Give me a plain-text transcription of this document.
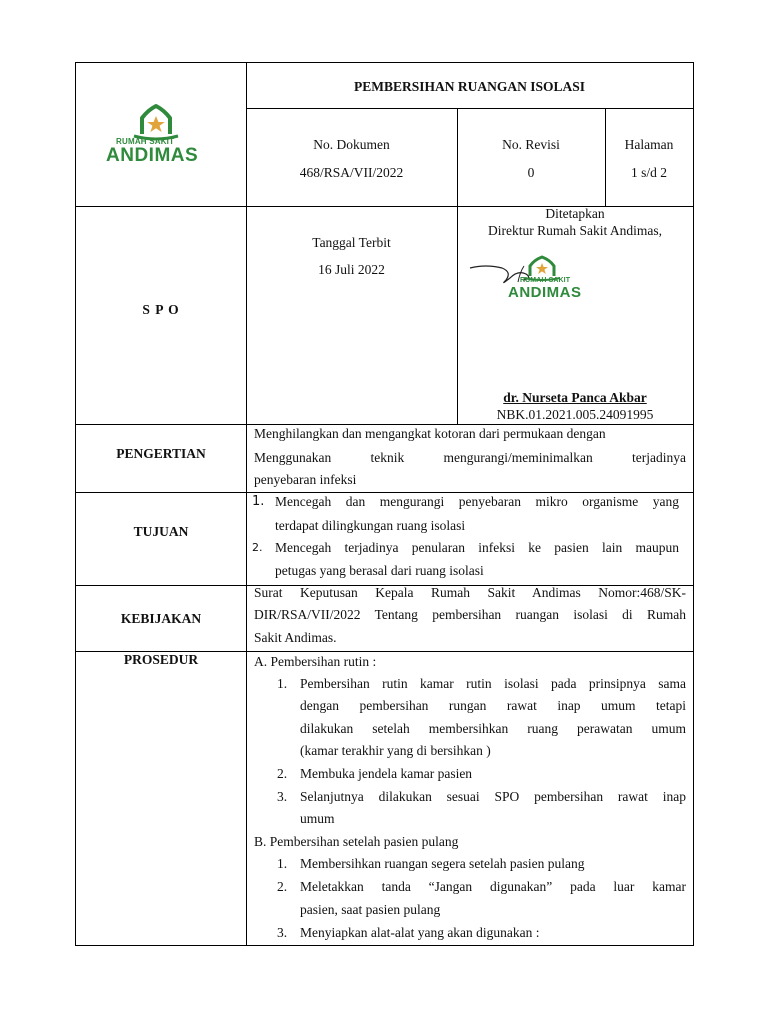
RUMAH SAKIT
ANDIMAS
PEMBERSIHAN RUANGAN ISOLASI
No. Dokumen
468/RSA/VII/2022
No. Revisi
0
Halaman
1 s/d 2
S P O
Tanggal Terbit
16 Juli 2022
Ditetapkan
Direktur Rumah Sakit Andimas,
RUMAH SAKIT
ANDIMAS
dr. Nurseta Panca Akbar
NBK.01.2021.005.24091995
PENGERTIAN
Menghilangkan dan mengangkat kotoran dari permukaan dengan
Menggunakan teknik mengurangi/meminimalkan terjadinya
penyebaran infeksi
TUJUAN
1. Mencegah dan mengurangi penyebaran mikro organisme yang
terdapat dilingkungan ruang isolasi
2. Mencegah terjadinya penularan infeksi ke pasien lain maupun
petugas yang berasal dari ruang isolasi
KEBIJAKAN
Surat Keputusan Kepala Rumah Sakit Andimas Nomor:468/SK-
DIR/RSA/VII/2022 Tentang pembersihan ruangan isolasi di Rumah
Sakit Andimas.
PROSEDUR	A. Pembersihan rutin :
1. Pembersihan rutin kamar rutin isolasi pada prinsipnya sama
dengan pembersihan rungan rawat inap umum tetapi
dilakukan setelah membersihkan ruang perawatan umum
(kamar terakhir yang di bersihkan )
2. Membuka jendela kamar pasien
3. Selanjutnya dilakukan sesuai SPO pembersihan rawat inap
umum
B. Pembersihan setelah pasien pulang
1. Membersihkan ruangan segera setelah pasien pulang
2. Meletakkan tanda “Jangan digunakan” pada luar kamar
pasien, saat pasien pulang
3. Menyiapkan alat-alat yang akan digunakan :
